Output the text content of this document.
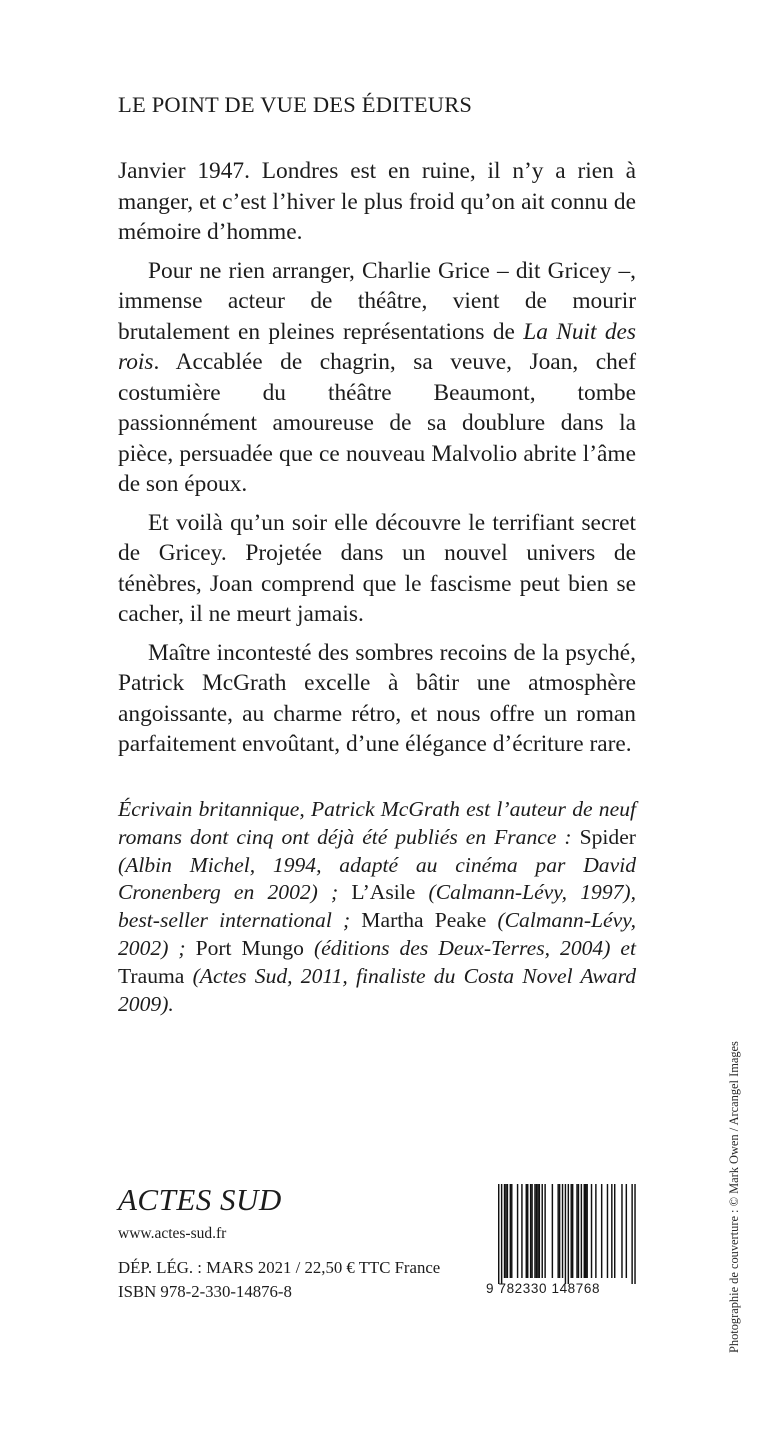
LE POINT DE VUE DES ÉDITEURS

Janvier 1947. Londres est en ruine, il n’y a rien à manger, et c’est l’hiver le plus froid qu’on ait connu de mémoire d’homme.

Pour ne rien arranger, Charlie Grice – dit Gricey –, immense acteur de théâtre, vient de mourir brutalement en pleines représentations de La Nuit des rois. Accablée de chagrin, sa veuve, Joan, chef costumière du théâtre Beaumont, tombe passionnément amoureuse de sa doublure dans la pièce, persuadée que ce nouveau Malvolio abrite l’âme de son époux.

Et voilà qu’un soir elle découvre le terrifiant secret de Gricey. Projetée dans un nouvel univers de ténèbres, Joan comprend que le fascisme peut bien se cacher, il ne meurt jamais.

Maître incontesté des sombres recoins de la psyché, Patrick McGrath excelle à bâtir une atmosphère angoissante, au charme rétro, et nous offre un roman parfaitement envoûtant, d’une élégance d’écriture rare.

Écrivain britannique, Patrick McGrath est l’auteur de neuf romans dont cinq ont déjà été publiés en France : Spider (Albin Michel, 1994, adapté au cinéma par David Cronenberg en 2002) ; L’Asile (Calmann-Lévy, 1997), best-seller international ; Martha Peake (Calmann-Lévy, 2002) ; Port Mungo (éditions des Deux-Terres, 2004) et Trauma (Actes Sud, 2011, finaliste du Costa Novel Award 2009).
ACTES SUD
www.actes-sud.fr
DÉP. LÉG. : MARS 2021 / 22,50 € TTC France
ISBN 978-2-330-14876-8	9 782330 148768	Photographie de couverture : © Mark Owen / Arcangel Images
